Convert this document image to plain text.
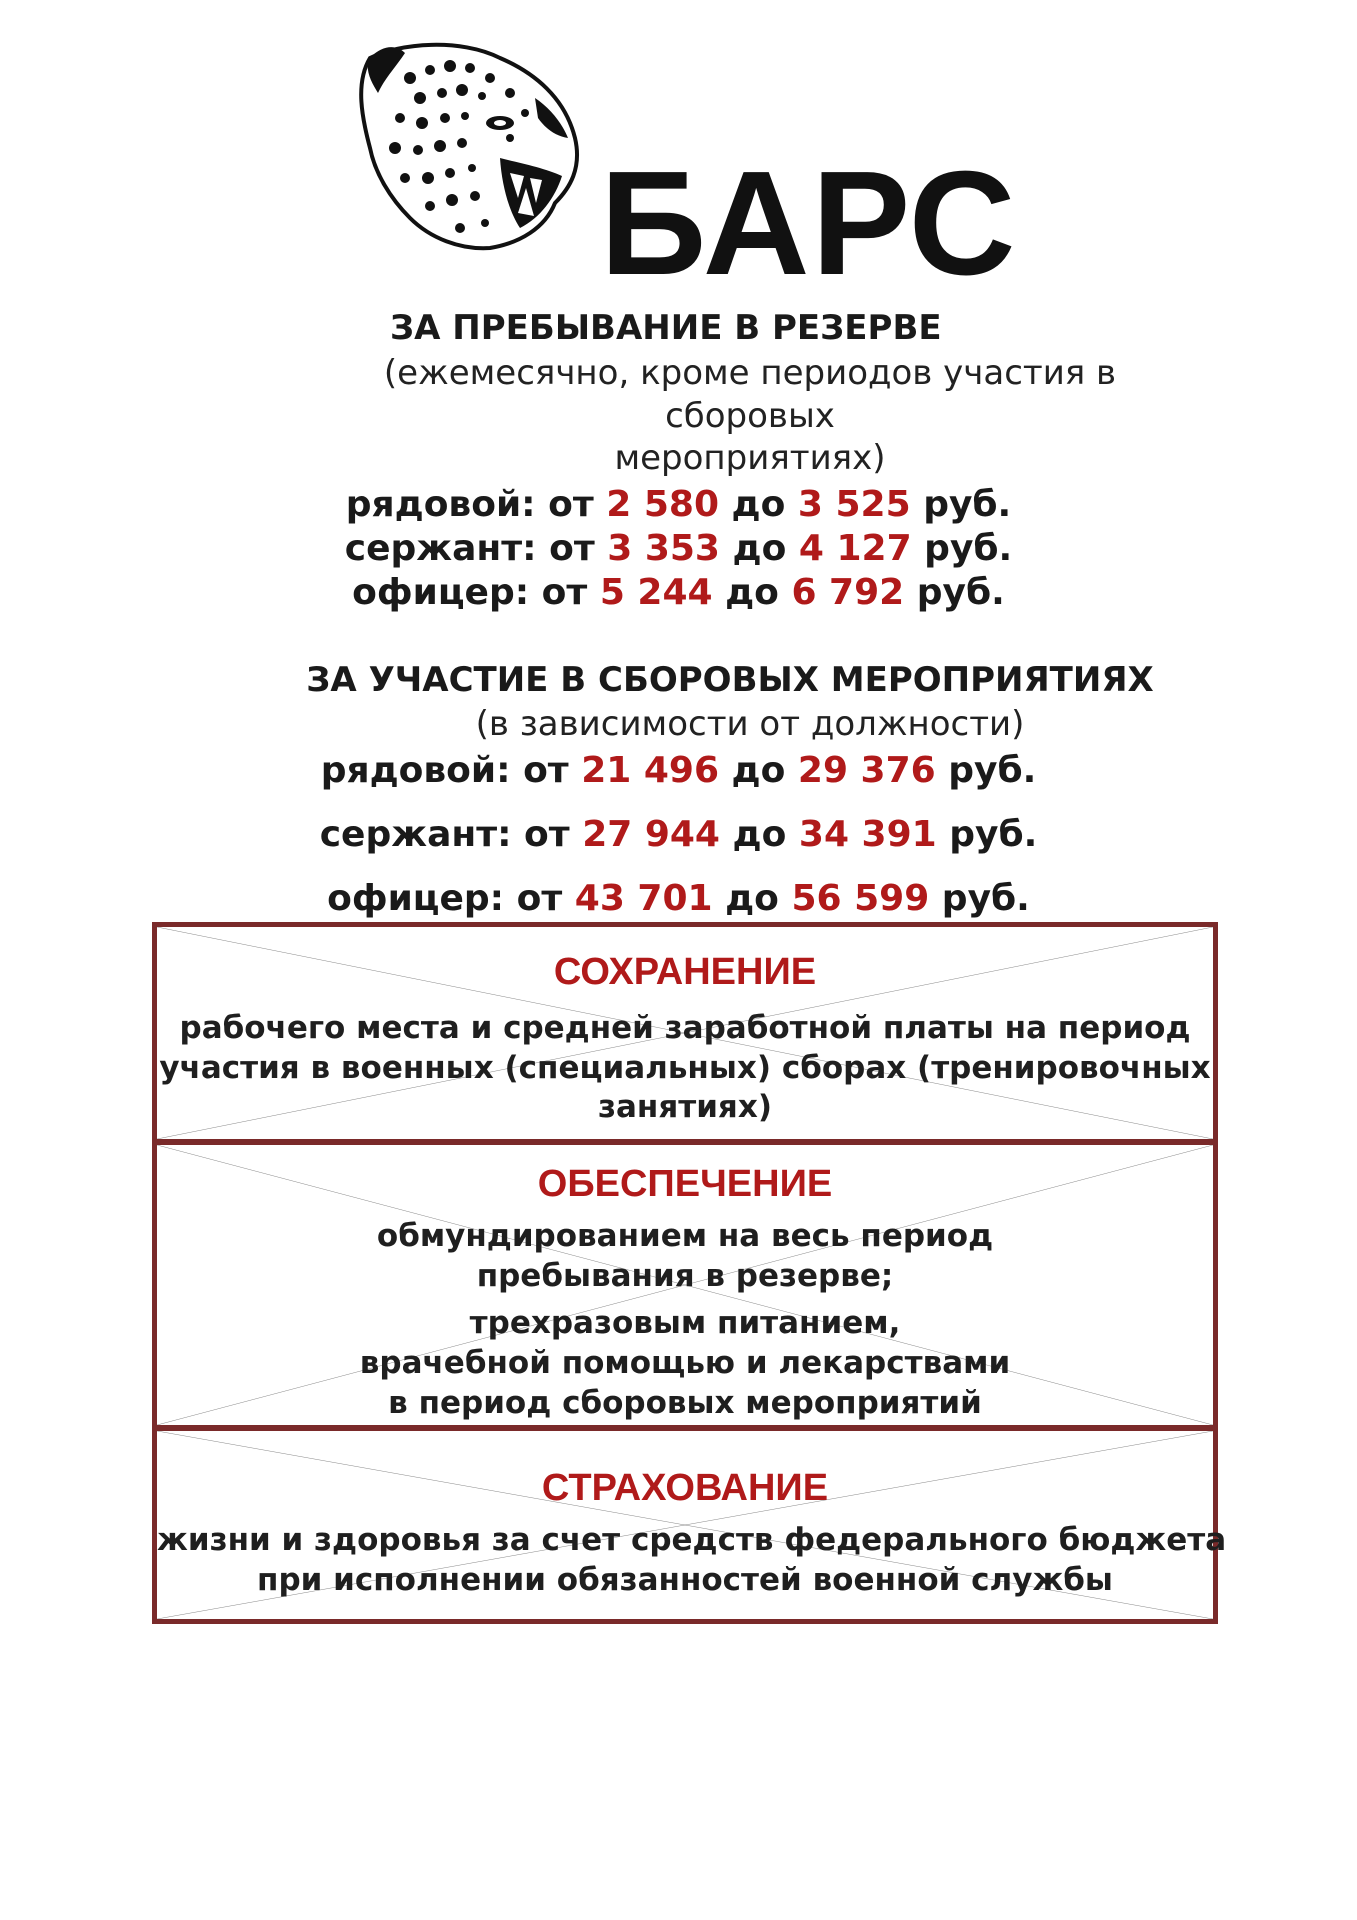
БАРС
ЗА ПРЕБЫВАНИЕ В РЕЗЕРВЕ
(ежемесячно, кроме периодов участия в сборовых
мероприятиях)
рядовой: от 2 580 до 3 525 руб.
сержант: от 3 353 до 4 127 руб.
офицер: от 5 244 до 6 792 руб.
ЗА УЧАСТИЕ В СБОРОВЫХ МЕРОПРИЯТИЯХ
(в зависимости от должности)
рядовой: от 21 496 до 29 376 руб.
сержант: от 27 944 до 34 391 руб.
офицер: от 43 701 до 56 599 руб.
СОХРАНЕНИЕ
рабочего места и средней заработной платы на период
участия в военных (специальных) сборах (тренировочных
занятиях)
ОБЕСПЕЧЕНИЕ
обмундированием на весь период
пребывания в резерве;
трехразовым питанием,
врачебной помощью и лекарствами
в период сборовых мероприятий
СТРАХОВАНИЕ
жизни и здоровья за счет средств федерального бюджета
при исполнении обязанностей военной службы
